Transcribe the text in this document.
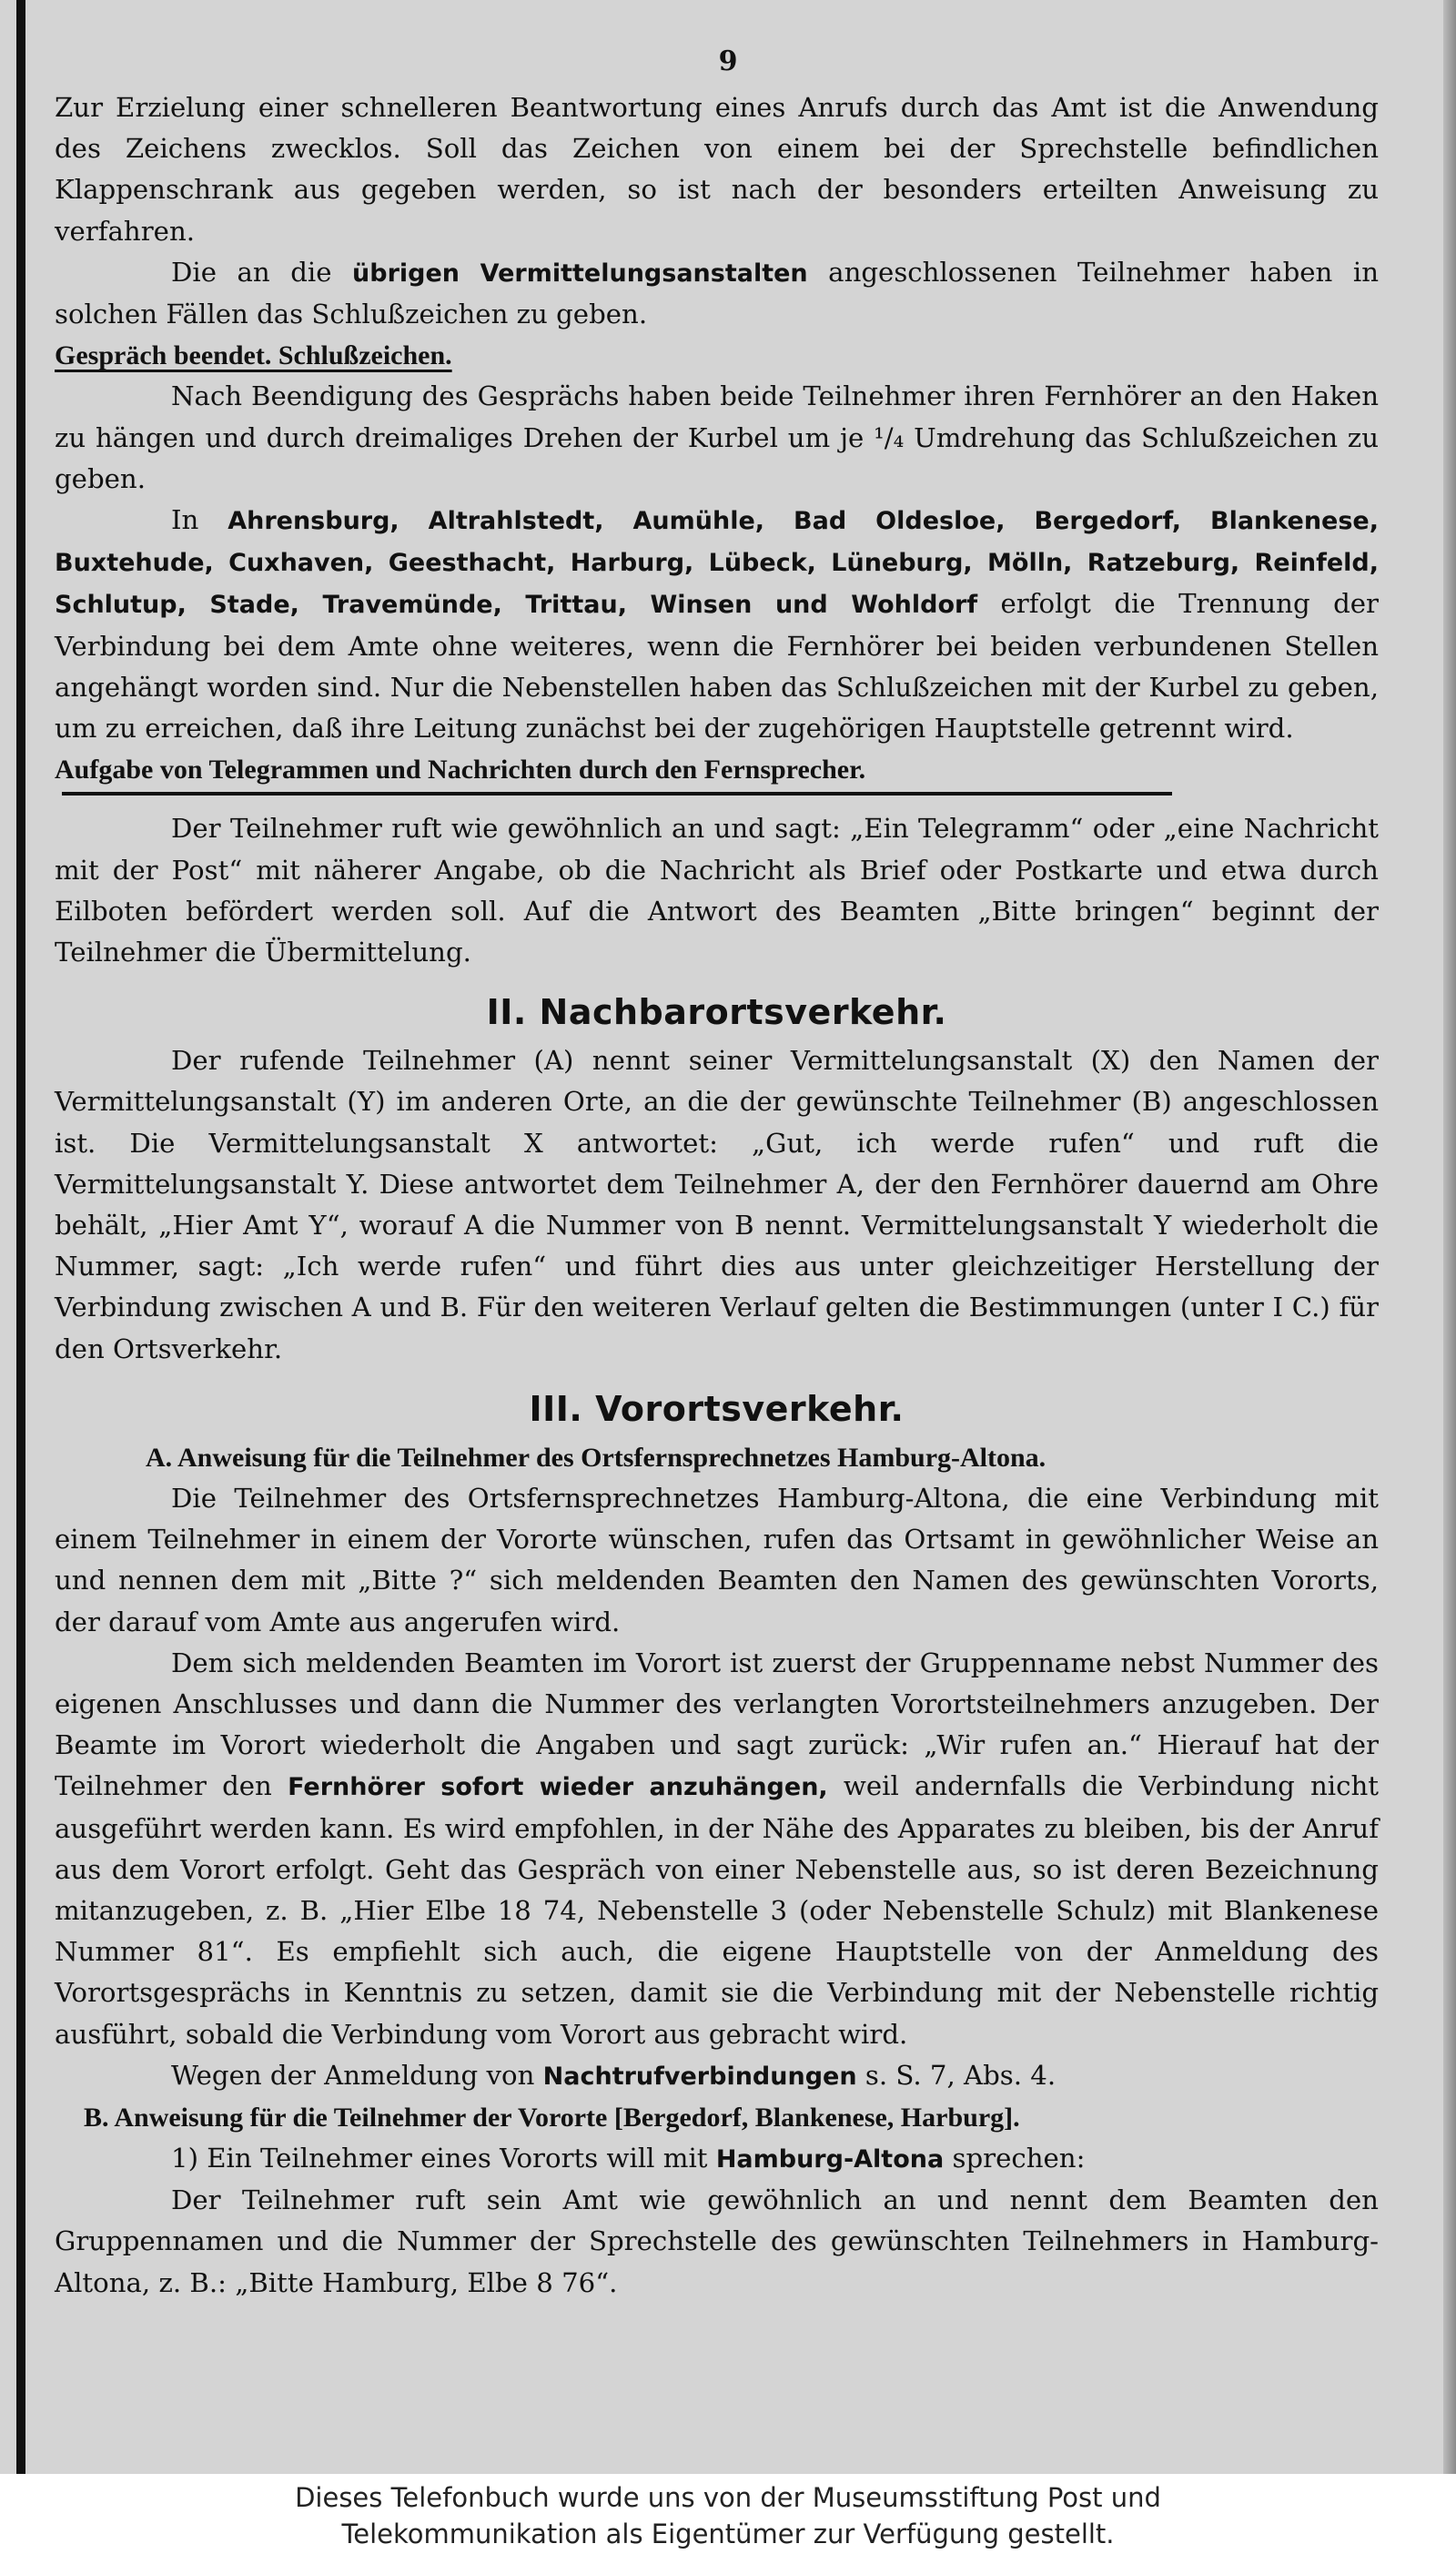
9

Zur Erzielung einer schnelleren Beantwortung eines Anrufs durch das Amt ist die Anwendung des Zeichens zwecklos. Soll das Zeichen von einem bei der Sprechstelle befindlichen Klappenschrank aus gegeben werden, so ist nach der besonders erteilten Anweisung zu verfahren.

Die an die übrigen Vermittelungsanstalten angeschlossenen Teilnehmer haben in solchen Fällen das Schlußzeichen zu geben.

Gespräch beendet. Schlußzeichen.

Nach Beendigung des Gesprächs haben beide Teilnehmer ihren Fernhörer an den Haken zu hängen und durch dreimaliges Drehen der Kurbel um je ¹/₄ Umdrehung das Schlußzeichen zu geben.

In Ahrensburg, Altrahlstedt, Aumühle, Bad Oldesloe, Bergedorf, Blankenese, Buxtehude, Cuxhaven, Geesthacht, Harburg, Lübeck, Lüneburg, Mölln, Ratzeburg, Reinfeld, Schlutup, Stade, Travemünde, Trittau, Winsen und Wohldorf erfolgt die Trennung der Verbindung bei dem Amte ohne weiteres, wenn die Fernhörer bei beiden verbundenen Stellen angehängt worden sind. Nur die Nebenstellen haben das Schlußzeichen mit der Kurbel zu geben, um zu erreichen, daß ihre Leitung zunächst bei der zugehörigen Hauptstelle getrennt wird.

Aufgabe von Telegrammen und Nachrichten durch den Fernsprecher.

Der Teilnehmer ruft wie gewöhnlich an und sagt: „Ein Telegramm“ oder „eine Nachricht mit der Post“ mit näherer Angabe, ob die Nachricht als Brief oder Postkarte und etwa durch Eilboten befördert werden soll. Auf die Antwort des Beamten „Bitte bringen“ beginnt der Teilnehmer die Übermittelung.

II. Nachbarortsverkehr.

Der rufende Teilnehmer (A) nennt seiner Vermittelungsanstalt (X) den Namen der Vermittelungsanstalt (Y) im anderen Orte, an die der gewünschte Teilnehmer (B) angeschlossen ist. Die Vermittelungsanstalt X antwortet: „Gut, ich werde rufen“ und ruft die Vermittelungsanstalt Y. Diese antwortet dem Teilnehmer A, der den Fernhörer dauernd am Ohre behält, „Hier Amt Y“, worauf A die Nummer von B nennt. Vermittelungsanstalt Y wiederholt die Nummer, sagt: „Ich werde rufen“ und führt dies aus unter gleichzeitiger Herstellung der Verbindung zwischen A und B. Für den weiteren Verlauf gelten die Bestimmungen (unter I C.) für den Ortsverkehr.

III. Vorortsverkehr.
A. Anweisung für die Teilnehmer des Ortsfernsprechnetzes Hamburg-Altona.

Die Teilnehmer des Ortsfernsprechnetzes Hamburg-Altona, die eine Verbindung mit einem Teilnehmer in einem der Vororte wünschen, rufen das Ortsamt in gewöhnlicher Weise an und nennen dem mit „Bitte ?“ sich meldenden Beamten den Namen des gewünschten Vororts, der darauf vom Amte aus angerufen wird.

Dem sich meldenden Beamten im Vorort ist zuerst der Gruppenname nebst Nummer des eigenen Anschlusses und dann die Nummer des verlangten Vorortsteilnehmers anzugeben. Der Beamte im Vorort wiederholt die Angaben und sagt zurück: „Wir rufen an.“ Hierauf hat der Teilnehmer den Fernhörer sofort wieder anzuhängen, weil andernfalls die Verbindung nicht ausgeführt werden kann. Es wird empfohlen, in der Nähe des Apparates zu bleiben, bis der Anruf aus dem Vorort erfolgt. Geht das Gespräch von einer Nebenstelle aus, so ist deren Bezeichnung mitanzugeben, z. B. „Hier Elbe 18 74, Nebenstelle 3 (oder Nebenstelle Schulz) mit Blankenese Nummer 81“. Es empfiehlt sich auch, die eigene Hauptstelle von der Anmeldung des Vorortsgesprächs in Kenntnis zu setzen, damit sie die Verbindung mit der Nebenstelle richtig ausführt, sobald die Verbindung vom Vorort aus gebracht wird.

Wegen der Anmeldung von Nachtrufverbindungen s. S. 7, Abs. 4.

B. Anweisung für die Teilnehmer der Vororte [Bergedorf, Blankenese, Harburg].

1) Ein Teilnehmer eines Vororts will mit Hamburg-Altona sprechen:

Der Teilnehmer ruft sein Amt wie gewöhnlich an und nennt dem Beamten den Gruppennamen und die Nummer der Sprechstelle des gewünschten Teilnehmers in Hamburg-Altona, z. B.: „Bitte Hamburg, Elbe 8 76“.

Dieses Telefonbuch wurde uns von der Museumsstiftung Post und
Telekommunikation als Eigentümer zur Verfügung gestellt.
